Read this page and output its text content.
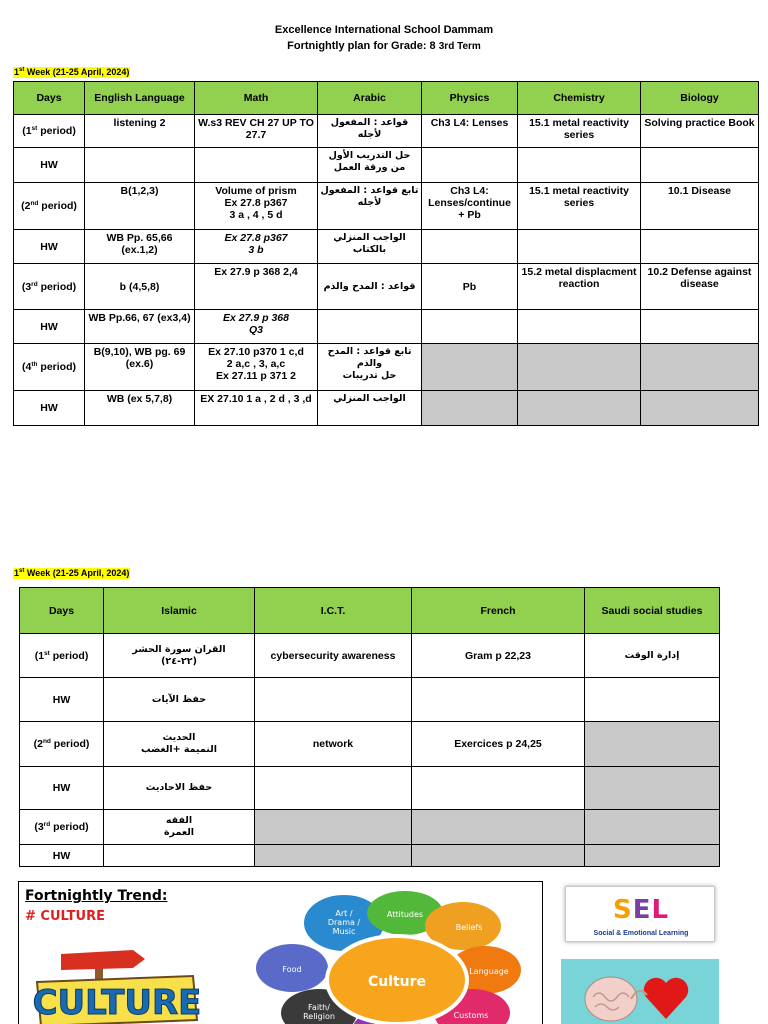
Excellence International School Dammam
Fortnightly plan for Grade: 8 3rd Term
1st Week (21-25 April, 2024)
Days	English Language	Math	Arabic	Physics	Chemistry	Biology
(1st period)	listening 2	W.s3 REV CH 27 UP TO 27.7	قواعد : المفعول لأجله	Ch3 L4: Lenses	15.1 metal reactivity series	Solving practice Book
HW			حل التدريب الأول من ورقة العمل			
(2nd period)	B(1,2,3)	Volume of prism
Ex 27.8 p367
3 a , 4 , 5 d	تابع قواعد : المفعول لأجله	Ch3 L4: Lenses/continue + Pb	15.1 metal reactivity series	10.1 Disease
HW	WB Pp. 65,66 (ex.1,2)	Ex 27.8 p367
3 b	الواجب المنزلي بالكتاب			
(3rd period)	b (4,5,8)	Ex 27.9 p 368 2,4	قواعد : المدح والذم	Pb	15.2 metal displacment reaction	10.2 Defense against disease
HW	WB Pp.66, 67 (ex3,4)	Ex 27.9 p 368
Q3				
(4th period)	B(9,10), WB pg. 69 (ex.6)	Ex 27.10 p370 1 c,d
2 a,c , 3, a,c
Ex 27.11 p 371 2	تابع قواعد : المدح والذم
حل تدريبات			
HW	WB (ex 5,7,8)	EX 27.10 1 a , 2 d , 3 ,d	الواجب المنزلي			
1st Week (21-25 April, 2024)
Days	Islamic	I.C.T.	French	Saudi social studies
(1st period)	القران سورة الحشر
(٢٢-٢٤)	cybersecurity awareness	Gram p 22,23	إدارة الوقت
HW	حفظ الآيات			
(2nd period)	الحديث
النميمة +الغضب	network	Exercices p 24,25	
HW	حفظ الاحاديث			
(3rd period)	الفقه
العمرة			
HW				
Fortnightly Trend:
# CULTURE
CULTURE
Culture
Art / Drama / Music
Attitudes
Beliefs
Language
Customs
Faith/ Religion
Food
SEL
Social & Emotional Learning
